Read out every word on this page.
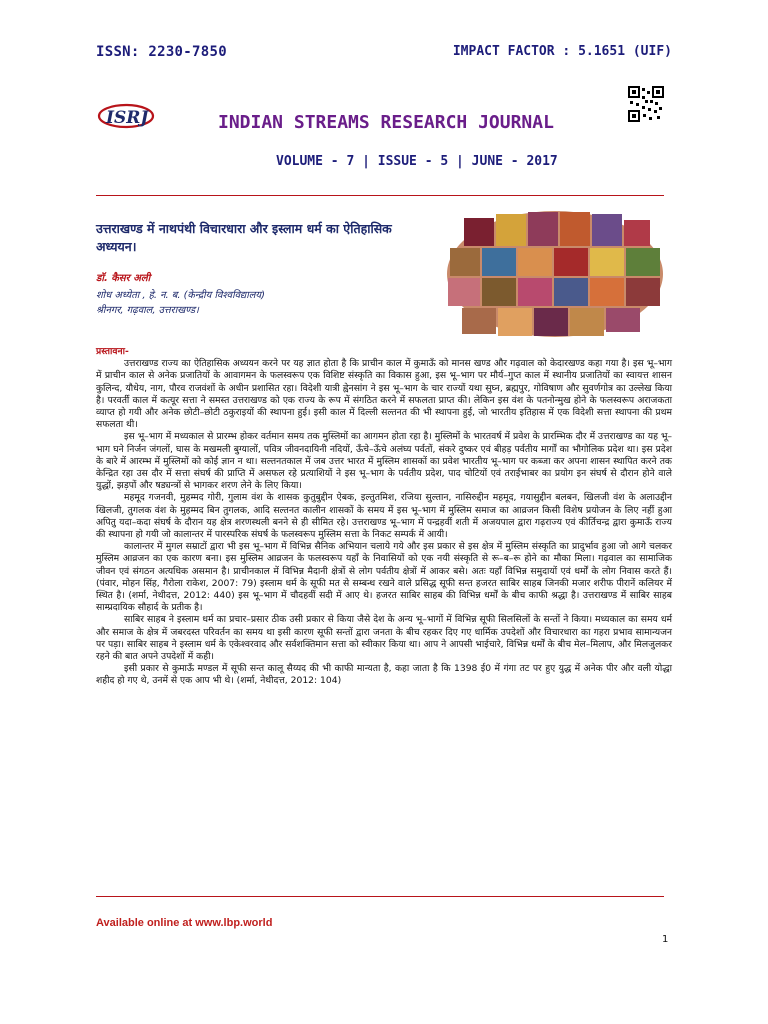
ISSN: 2230-7850	IMPACT FACTOR : 5.1651 (UIF)
ISRJ	INDIAN STREAMS RESEARCH JOURNAL
VOLUME - 7 | ISSUE - 5 | JUNE - 2017
उत्तराखण्ड में नाथपंथी विचारधारा और इस्लाम धर्म का ऐतिहासिक अध्ययन।
डॉ. कैसर अली
शोध अध्येता , हे. न. ब. (केन्द्रीय विश्वविद्यालय)
श्रीनगर, गढ़वाल, उत्तराखण्ड।

प्रस्तावना-

उत्तराखण्ड राज्य का ऐतिहासिक अध्ययन करने पर यह ज्ञात होता है कि प्राचीन काल में कुमाऊँ को मानस खण्ड और गढ़वाल को केदारखण्ड कहा गया है। इस भू–भाग में प्राचीन काल से अनेक प्रजातियों के आवागमन के फलस्वरूप एक विशिष्ट संस्कृति का विकास हुआ, इस भू–भाग पर मौर्य–गुप्त काल में स्थानीय प्रजातियों का स्वायत्त शासन कुलिन्द, यौधेय, नाग, पौरव राजवंशों के अधीन प्रशासित रहा। विदेशी यात्री ह्वेनसांग ने इस भू–भाग के चार राज्यों यथा सुघ्न, ब्रह्मपुर, गोविषाण और सुवर्णगोत्र का उल्लेख किया है। परवर्ती काल में कत्यूर सत्ता ने समस्त उत्तराखण्ड को एक राज्य के रूप में संगठित करने में सफलता प्राप्त की। लेकिन इस वंश के पतनोन्मुख होने के फलस्वरूप अराजकता व्याप्त हो गयी और अनेक छोटी–छोटी ठकुराइयों की स्थापना हुई। इसी काल में दिल्ली सल्तनत की भी स्थापना हुई, जो भारतीय इतिहास में एक विदेशी सत्ता स्थापना की प्रथम सफलता थी।

इस भू–भाग में मध्यकाल से प्रारम्भ होकर वर्तमान समय तक मुस्लिमों का आगमन होता रहा है। मुस्लिमों के भारतवर्ष में प्रवेश के प्रारम्भिक दौर में उत्तराखण्ड का यह भू–भाग घने निर्जन जंगलों, घास के मखमली बुग्यालों, पवित्र जीवनदायिनी नदियों, ऊँचे–ऊँचे अलंघ्य पर्वतों, संकरे दुष्कर एवं बीहड़ पर्वतीय मार्गों का भौगोलिक प्रदेश था। इस प्रदेश के बारे में आरम्भ में मुस्लिमों को कोई ज्ञान न था। सल्तनतकाल में जब उत्तर भारत में मुस्लिम शासकों का प्रवेश भारतीय भू–भाग पर कब्जा कर अपना शासन स्थापित करने तक केन्द्रित रहा उस दौर में सत्ता संघर्ष की प्राप्ति में असफल रहे प्रत्याशियों ने इस भू–भाग के पर्वतीय प्रदेश, पाद चोटियों एवं तराईभाबर का प्रयोग इन संघर्ष से दौरान होने वाले युद्धों, झड़पों और षड्यन्त्रों से भागकर शरण लेने के लिए किया।

महमूद गजनवी, मुहम्मद गोरी, गुलाम वंश के शासक कुतुबुद्दीन ऐबक, इल्तुतमिश, रजिया सुल्तान, नासिरुद्दीन महमूद, गयासुद्दीन बलबन, खिलजी वंश के अलाउद्दीन खिलजी, तुगलक वंश के मुहम्मद बिन तुगलक, आदि सल्तनत कालीन शासकों के समय में इस भू–भाग में मुस्लिम समाज का आव्रजन किसी विशेष प्रयोजन के लिए नहीं हुआ अपितु यदा–कदा संघर्ष के दौरान यह क्षेत्र शरणस्थली बनने से ही सीमित रहे। उत्तराखण्ड भू–भाग में पन्द्रहवीं शती में अजयपाल द्वारा गढ़राज्य एवं कीर्तिचन्द्र द्वारा कुमाऊँ राज्य की स्थापना हो गयी जो कालान्तर में पारस्परिक संघर्ष के फलस्वरूप मुस्लिम सत्ता के निकट सम्पर्क में आयी।

कालान्तर में मुगल सम्राटों द्वारा भी इस भू–भाग में विभिन्न सैनिक अभियान चलाये गये और इस प्रकार से इस क्षेत्र में मुस्लिम संस्कृति का प्रादुर्भाव हुआ जो आगे चलकर मुस्लिम आव्रजन का एक कारण बना। इस मुस्लिम आव्रजन के फलस्वरूप यहाँ के निवासियों को एक नयी संस्कृति से रू–ब–रू होने का मौका मिला। गढ़वाल का सामाजिक जीवन एवं संगठन अत्यधिक असमान है। प्राचीनकाल में विभिन्न मैदानी क्षेत्रों से लोग पर्वतीय क्षेत्रों में आकर बसे। अतः यहाँ विभिन्न समुदायों एवं धर्मों के लोग निवास करते हैं। (पंवार, मोहन सिंह, गैरोला राकेश, 2007: 79) इस्लाम धर्म के सूफी मत से सम्बन्ध रखने वाले प्रसिद्ध सूफी सन्त हजरत साबिर साहब जिनकी मजार शरीफ पीरानें कलियर में स्थित है। (शर्मा, नेथीदत्त, 2012: 440) इस भू–भाग में चौदहवीं सदी में आए थे। हजरत साबिर साहब की विभिन्न धर्मों के बीच काफी श्रद्धा है। उत्तराखण्ड में साबिर साहब साम्प्रदायिक सौहार्द के प्रतीक है।

साबिर साहब ने इस्लाम धर्म का प्रचार–प्रसार ठीक उसी प्रकार से किया जैसे देश के अन्य भू–भागों में विभिन्न सूफी सिलसिलों के सन्तों ने किया। मध्यकाल का समय धर्म और समाज के क्षेत्र में जबरदस्त परिवर्तन का समय था इसी कारण सूफी सन्तों द्वारा जनता के बीच रहकर दिए गए धार्मिक उपदेशों और विचारधारा का गहरा प्रभाव सामान्यजन पर पड़ा। साबिर साहब ने इस्लाम धर्म के एकेश्वरवाद और सर्वशक्तिमान सत्ता को स्वीकार किया था। आप ने आपसी भाईचारे, विभिन्न धर्मों के बीच मेल–मिलाप, और मिलजुलकर रहने की बात अपने उपदेशों में कही।

इसी प्रकार से कुमाऊँ मण्डल में सूफी सन्त कालू सैय्यद की भी काफी मान्यता है, कहा जाता है कि 1398 ई0 में गंगा तट पर हुए युद्ध में अनेक पीर और वली योद्धा शहीद हो गए थे, उनमें से एक आप भी थे। (शर्मा, नेथीदत्त, 2012: 104)

Available online at www.lbp.world
1
